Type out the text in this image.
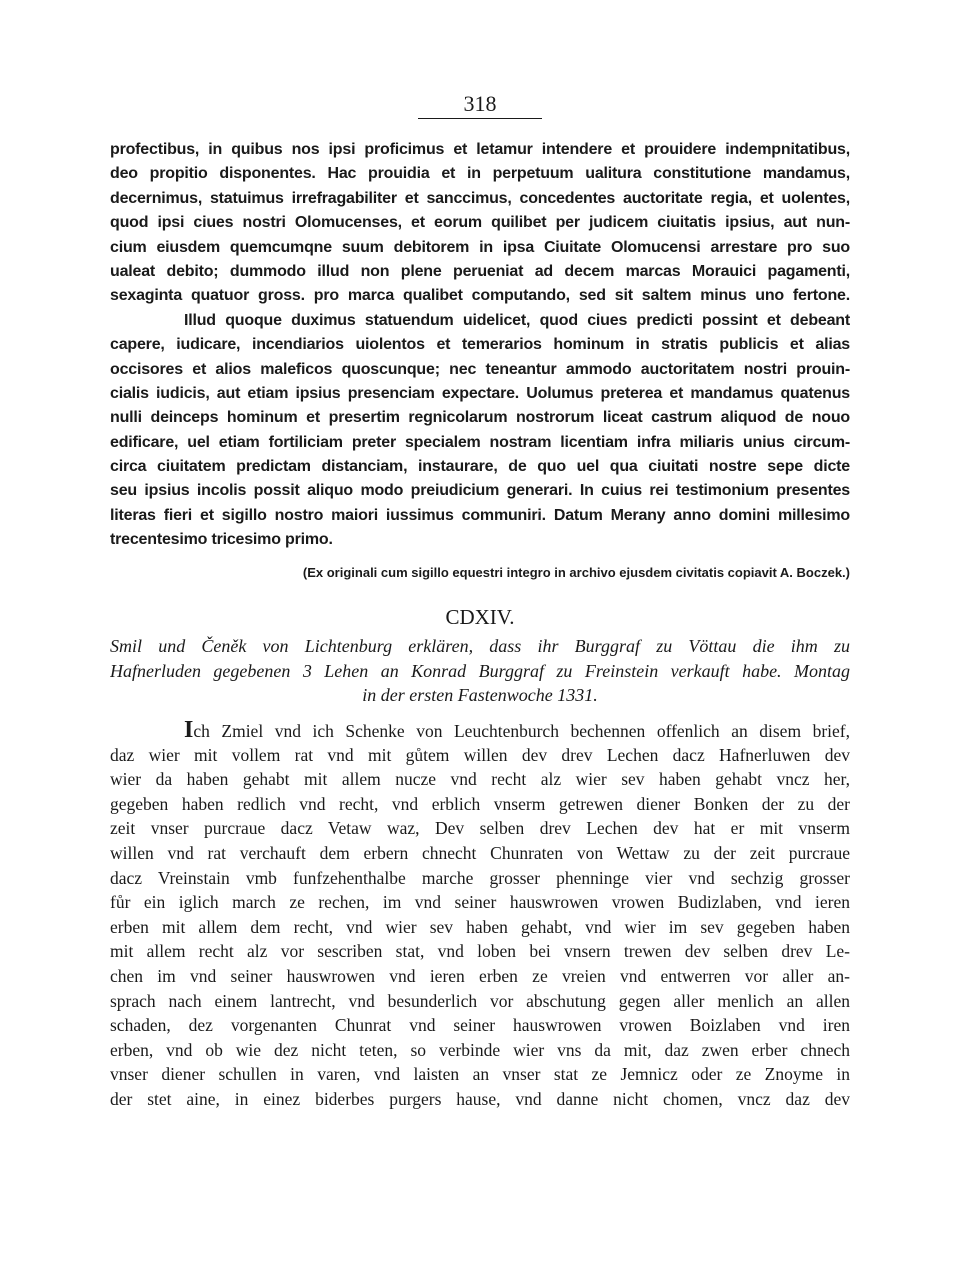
318
profectibus, in quibus nos ipsi proficimus et letamur intendere et prouidere indempnitatibus,
deo propitio disponentes. Hac prouidia et in perpetuum ualitura constitutione mandamus,
decernimus, statuimus irrefragabiliter et sanccimus, concedentes auctoritate regia, et uolentes,
quod ipsi ciues nostri Olomucenses, et eorum quilibet per judicem ciuitatis ipsius, aut nun-
cium eiusdem quemcumqne suum debitorem in ipsa Ciuitate Olomucensi arrestare pro suo
ualeat debito; dummodo illud non plene perueniat ad decem marcas Morauici pagamenti,
sexaginta quatuor gross. pro marca qualibet computando, sed sit saltem minus uno fertone.
Illud quoque duximus statuendum uidelicet, quod ciues predicti possint et debeant
capere, iudicare, incendiarios uiolentos et temerarios hominum in stratis publicis et alias
occisores et alios maleficos quoscunque; nec teneantur ammodo auctoritatem nostri prouin-
cialis iudicis, aut etiam ipsius presenciam expectare. Uolumus preterea et mandamus quatenus
nulli deinceps hominum et presertim regnicolarum nostrorum liceat castrum aliquod de nouo
edificare, uel etiam fortiliciam preter specialem nostram licentiam infra miliaris unius circum-
circa ciuitatem predictam distanciam, instaurare, de quo uel qua ciuitati nostre sepe dicte
seu ipsius incolis possit aliquo modo preiudicium generari. In cuius rei testimonium presentes
literas fieri et sigillo nostro maiori iussimus communiri. Datum Merany anno domini millesimo
trecentesimo tricesimo primo.
(Ex originali cum sigillo equestri integro in archivo ejusdem civitatis copiavit A. Boczek.)
CDXIV.
Smil und Čeněk von Lichtenburg erklären, dass ihr Burggraf zu Vöttau die ihm zu
Hafnerluden gegebenen 3 Lehen an Konrad Burggraf zu Freinstein verkauft habe. Montag
in der ersten Fastenwoche 1331.
Ich Zmiel vnd ich Schenke von Leuchtenburch bechennen offenlich an disem brief,
daz wier mit vollem rat vnd mit gůtem willen dev drev Lechen dacz Hafnerluwen dev
wier da haben gehabt mit allem nucze vnd recht alz wier sev haben gehabt vncz her,
gegeben haben redlich vnd recht, vnd erblich vnserm getrewen diener Bonken der zu der
zeit vnser purcraue dacz Vetaw waz, Dev selben drev Lechen dev hat er mit vnserm
willen vnd rat verchauft dem erbern chnecht Chunraten von Wettaw zu der zeit purcraue
dacz Vreinstain vmb funfzehenthalbe marche grosser phenninge vier vnd sechzig grosser
fůr ein iglich march ze rechen, im vnd seiner hauswrowen vrowen Budizlaben, vnd ieren
erben mit allem dem recht, vnd wier sev haben gehabt, vnd wier im sev gegeben haben
mit allem recht alz vor sescriben stat, vnd loben bei vnsern trewen dev selben drev Le-
chen im vnd seiner hauswrowen vnd ieren erben ze vreien vnd entwerren vor aller an-
sprach nach einem lantrecht, vnd besunderlich vor abschutung gegen aller menlich an allen
schaden, dez vorgenanten Chunrat vnd seiner hauswrowen vrowen Boizlaben vnd iren
erben, vnd ob wie dez nicht teten, so verbinde wier vns da mit, daz zwen erber chnech
vnser diener schullen in varen, vnd laisten an vnser stat ze Jemnicz oder ze Znoyme in
der stet aine, in einez biderbes purgers hause, vnd danne nicht chomen, vncz daz dev
